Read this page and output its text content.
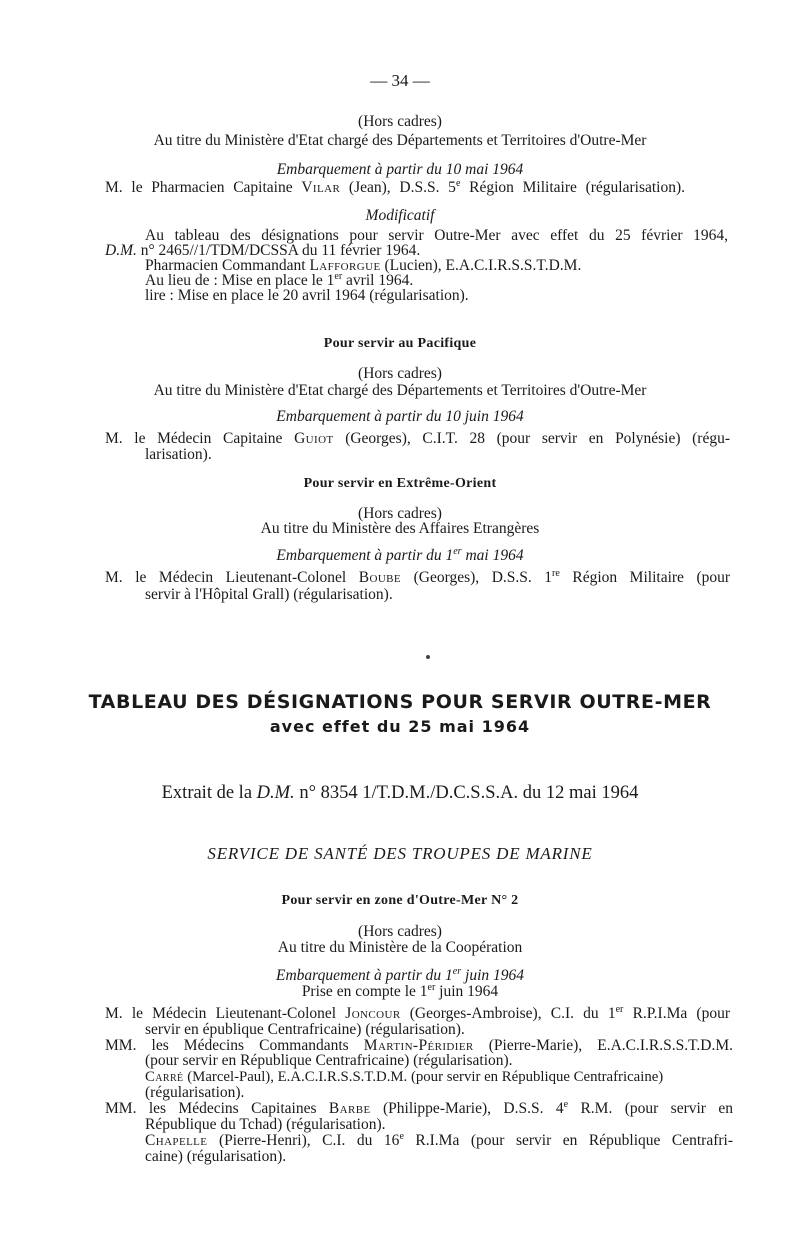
— 34 —
(Hors cadres)
Au titre du Ministère d'Etat chargé des Départements et Territoires d'Outre-Mer
Embarquement à partir du 10 mai 1964
M. le Pharmacien Capitaine Vilar (Jean), D.S.S. 5e Région Militaire (régularisation).
Modificatif
Au tableau des désignations pour servir Outre-Mer avec effet du 25 février 1964,
D.M. n° 2465//1/TDM/DCSSA du 11 février 1964.
Pharmacien Commandant Lafforgue (Lucien), E.A.C.I.R.S.S.T.D.M.
Au lieu de : Mise en place le 1er avril 1964.
lire : Mise en place le 20 avril 1964 (régularisation).
Pour servir au Pacifique
(Hors cadres)
Au titre du Ministère d'Etat chargé des Départements et Territoires d'Outre-Mer
Embarquement à partir du 10 juin 1964
M. le Médecin Capitaine Guiot (Georges), C.I.T. 28 (pour servir en Polynésie) (régu-
larisation).
Pour servir en Extrême-Orient
(Hors cadres)
Au titre du Ministère des Affaires Etrangères
Embarquement à partir du 1er mai 1964
M. le Médecin Lieutenant-Colonel Boube (Georges), D.S.S. 1re Région Militaire (pour
servir à l'Hôpital Grall) (régularisation).
TABLEAU DES DÉSIGNATIONS POUR SERVIR OUTRE-MER
avec effet du 25 mai 1964
Extrait de la D.M. n° 8354 1/T.D.M./D.C.S.S.A. du 12 mai 1964
SERVICE DE SANTÉ DES TROUPES DE MARINE
Pour servir en zone d'Outre-Mer N° 2
(Hors cadres)
Au titre du Ministère de la Coopération
Embarquement à partir du 1er juin 1964
Prise en compte le 1er juin 1964
M. le Médecin Lieutenant-Colonel Joncour (Georges-Ambroise), C.I. du 1er R.P.I.Ma (pour
servir en épublique Centrafricaine) (régularisation).
MM. les Médecins Commandants Martin-Péridier (Pierre-Marie), E.A.C.I.R.S.S.T.D.M.
(pour servir en République Centrafricaine) (régularisation).
Carré (Marcel-Paul), E.A.C.I.R.S.S.T.D.M. (pour servir en République Centrafricaine)
(régularisation).
MM. les Médecins Capitaines Barbe (Philippe-Marie), D.S.S. 4e R.M. (pour servir en
République du Tchad) (régularisation).
Chapelle (Pierre-Henri), C.I. du 16e R.I.Ma (pour servir en République Centrafri-
caine) (régularisation).
